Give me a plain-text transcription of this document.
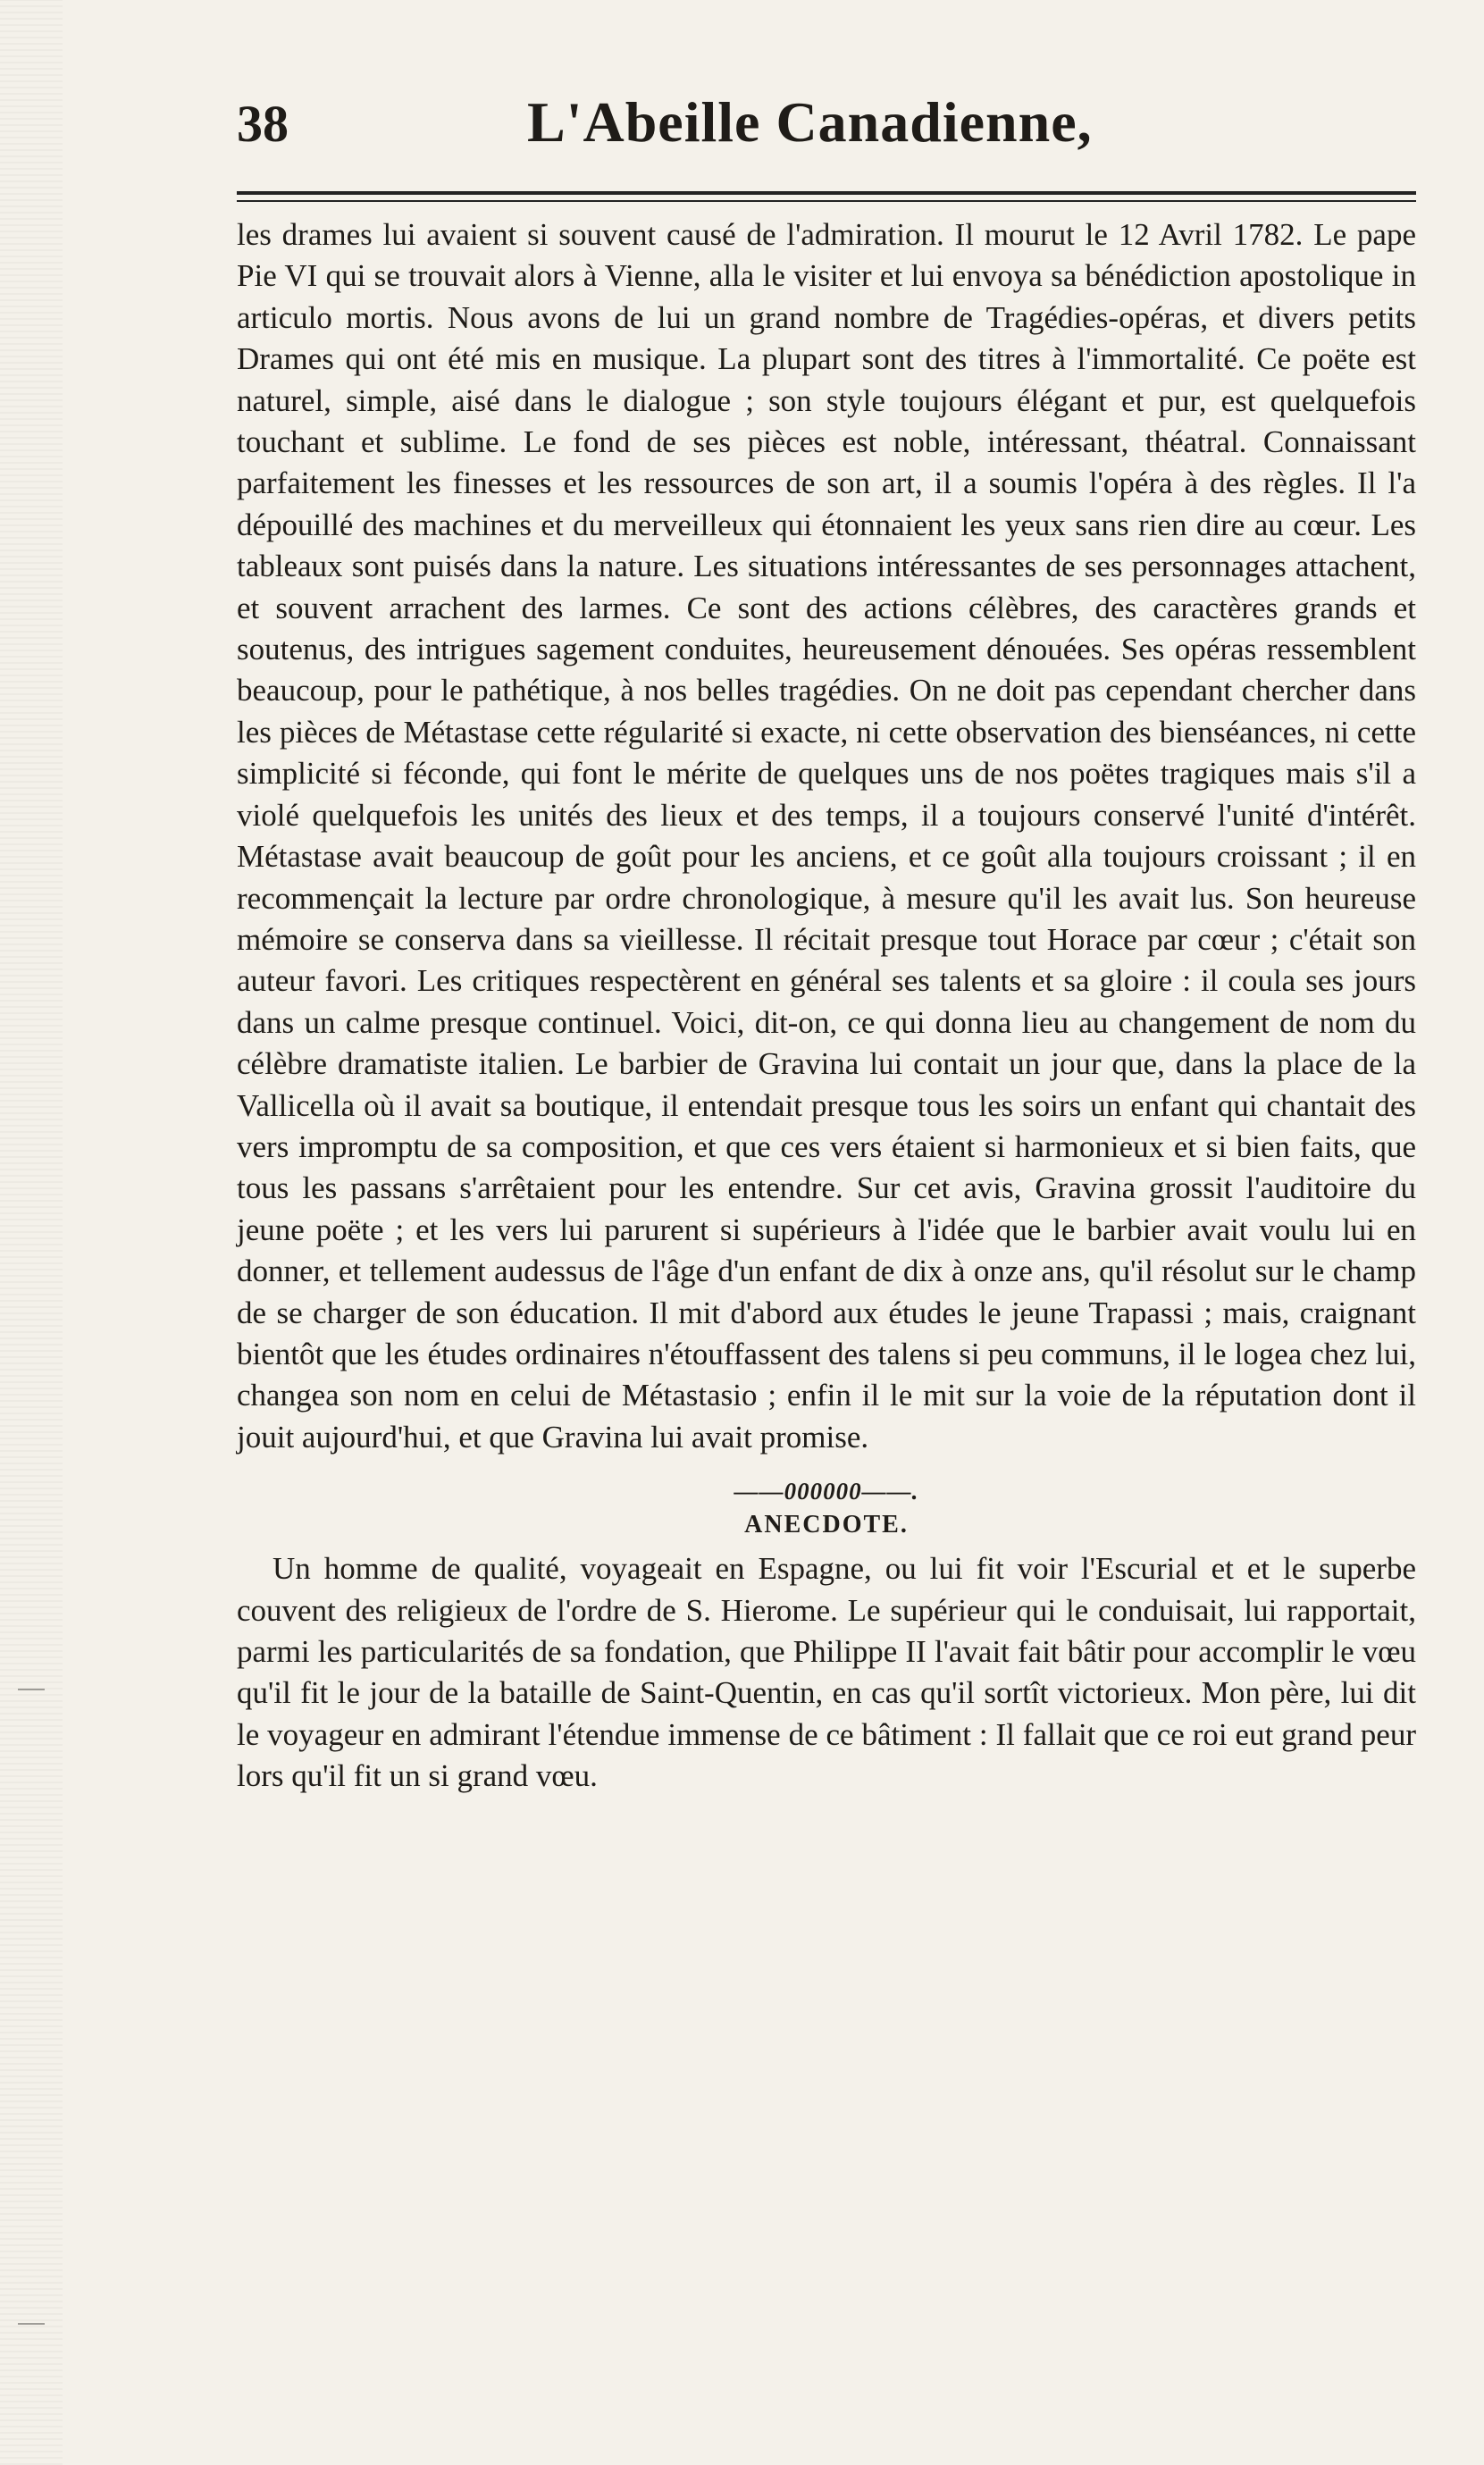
38	L'Abeille Canadienne,

les drames lui avaient si souvent causé de l'admiration. Il mourut le 12 Avril 1782. Le pape Pie VI qui se trouvait alors à Vienne, alla le visiter et lui envoya sa bénédiction apostolique in articulo mortis. Nous avons de lui un grand nombre de Tragédies-opéras, et divers petits Drames qui ont été mis en musique. La plupart sont des titres à l'immortalité. Ce poëte est naturel, simple, aisé dans le dialogue ; son style toujours élégant et pur, est quelquefois touchant et sublime. Le fond de ses pièces est noble, intéressant, théatral. Connaissant parfaitement les finesses et les ressources de son art, il a soumis l'opéra à des règles. Il l'a dépouillé des machines et du merveilleux qui étonnaient les yeux sans rien dire au cœur. Les tableaux sont puisés dans la nature. Les situations intéressantes de ses personnages attachent, et souvent arrachent des larmes. Ce sont des actions célèbres, des caractères grands et soutenus, des intrigues sagement conduites, heureusement dénouées. Ses opéras ressemblent beaucoup, pour le pathétique, à nos belles tragédies. On ne doit pas cependant chercher dans les pièces de Métastase cette régularité si exacte, ni cette observation des bienséances, ni cette simplicité si féconde, qui font le mérite de quelques uns de nos poëtes tragiques mais s'il a violé quelquefois les unités des lieux et des temps, il a toujours conservé l'unité d'intérêt. Métastase avait beaucoup de goût pour les anciens, et ce goût alla toujours croissant ; il en recommençait la lecture par ordre chronologique, à mesure qu'il les avait lus. Son heureuse mémoire se conserva dans sa vieillesse. Il récitait presque tout Horace par cœur ; c'était son auteur favori. Les critiques respectèrent en général ses talents et sa gloire : il coula ses jours dans un calme presque continuel. Voici, dit-on, ce qui donna lieu au changement de nom du célèbre dramatiste italien. Le barbier de Gravina lui contait un jour que, dans la place de la Vallicella où il avait sa boutique, il entendait presque tous les soirs un enfant qui chantait des vers impromptu de sa composition, et que ces vers étaient si harmonieux et si bien faits, que tous les passans s'arrêtaient pour les entendre. Sur cet avis, Gravina grossit l'auditoire du jeune poëte ; et les vers lui parurent si supérieurs à l'idée que le barbier avait voulu lui en donner, et tellement audessus de l'âge d'un enfant de dix à onze ans, qu'il résolut sur le champ de se charger de son éducation. Il mit d'abord aux études le jeune Trapassi ; mais, craignant bientôt que les études ordinaires n'étouffassent des talens si peu communs, il le logea chez lui, changea son nom en celui de Métastasio ; enfin il le mit sur la voie de la réputation dont il jouit aujourd'hui, et que Gravina lui avait promise.

——000000——.
ANECDOTE.

Un homme de qualité, voyageait en Espagne, ou lui fit voir l'Escurial et et le superbe couvent des religieux de l'ordre de S. Hierome. Le supérieur qui le conduisait, lui rapportait, parmi les particularités de sa fondation, que Philippe II l'avait fait bâtir pour accomplir le vœu qu'il fit le jour de la bataille de Saint-Quentin, en cas qu'il sortît victorieux. Mon père, lui dit le voyageur en admirant l'étendue immense de ce bâtiment : Il fallait que ce roi eut grand peur lors qu'il fit un si grand vœu.
